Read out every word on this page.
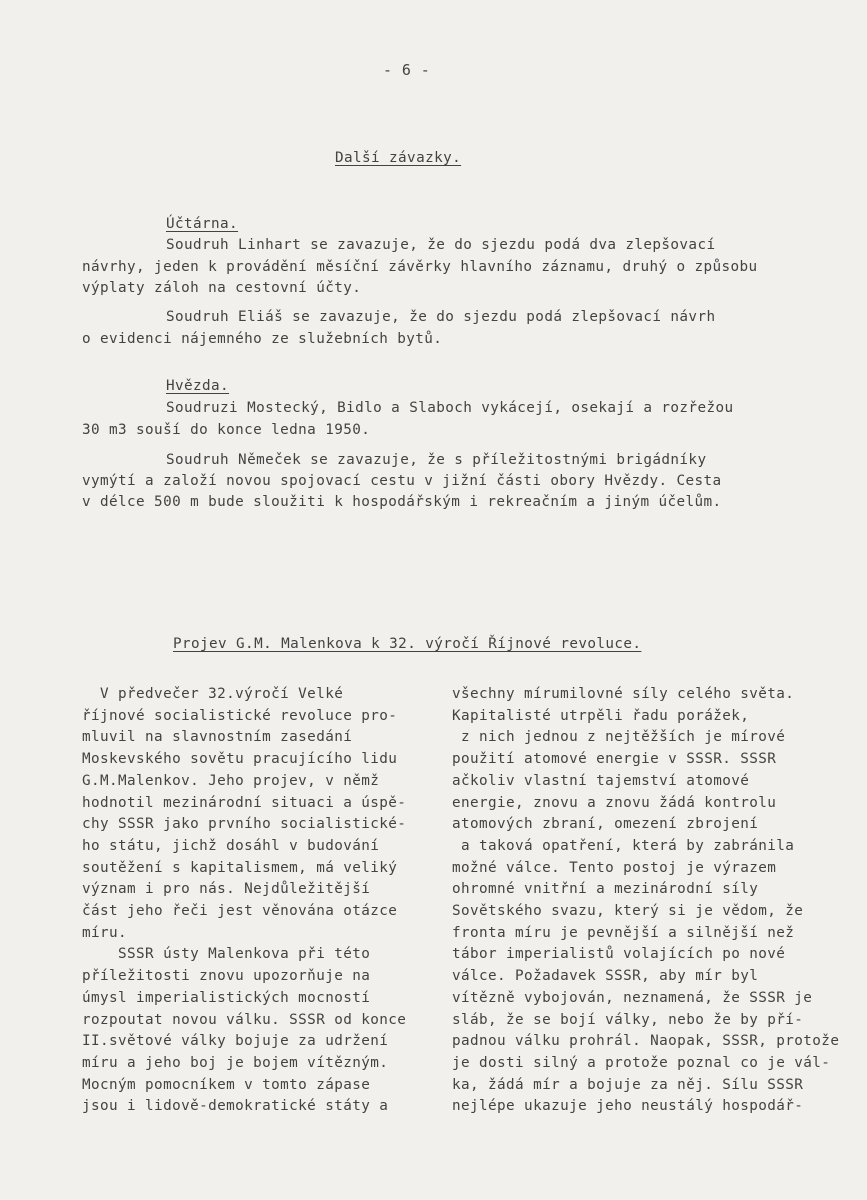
- 6 -
Další závazky.
Účtárna.
Soudruh Linhart se zavazuje, že do sjezdu podá dva zlepšovací
návrhy, jeden k provádění měsíční závěrky hlavního záznamu, druhý o způsobu
výplaty záloh na cestovní účty.
Soudruh Eliáš se zavazuje, že do sjezdu podá zlepšovací návrh
o evidenci nájemného ze služebních bytů.
Hvězda.
Soudruzi Mostecký, Bidlo a Slaboch vykácejí, osekají a rozřežou
30 m3 souší do konce ledna 1950.
Soudruh Němeček se zavazuje, že s příležitostnými brigádníky
vymýtí a založí novou spojovací cestu v jižní části obory Hvězdy. Cesta
v délce 500 m bude sloužiti k hospodářským i rekreačním a jiným účelům.
Projev G.M. Malenkova k 32. výročí Říjnové revoluce.
V předvečer 32.výročí Velké
říjnové socialistické revoluce pro-
mluvil na slavnostním zasedání
Moskevského sovětu pracujícího lidu
G.M.Malenkov. Jeho projev, v němž
hodnotil mezinárodní situaci a úspě-
chy SSSR jako prvního socialistické-
ho státu, jichž dosáhl v budování
soutěžení s kapitalismem, má veliký
význam i pro nás. Nejdůležitější
část jeho řeči jest věnována otázce
míru.
SSSR ústy Malenkova při této
příležitosti znovu upozorňuje na
úmysl imperialistických mocností
rozpoutat novou válku. SSSR od konce
II.světové války bojuje za udržení
míru a jeho boj je bojem vítězným.
Mocným pomocníkem v tomto zápase
jsou i lidově-demokratické státy a
všechny mírumilovné síly celého světa.
Kapitalisté utrpěli řadu porážek,
z nich jednou z nejtěžších je mírové
použití atomové energie v SSSR. SSSR
ačkoliv vlastní tajemství atomové
energie, znovu a znovu žádá kontrolu
atomových zbraní, omezení zbrojení
a taková opatření, která by zabránila
možné válce. Tento postoj je výrazem
ohromné vnitřní a mezinárodní síly
Sovětského svazu, který si je vědom, že
fronta míru je pevnější a silnější než
tábor imperialistů volajících po nové
válce. Požadavek SSSR, aby mír byl
vítězně vybojován, neznamená, že SSSR je
sláb, že se bojí války, nebo že by pří-
padnou válku prohrál. Naopak, SSSR, protože
je dosti silný a protože poznal co je vál-
ka, žádá mír a bojuje za něj. Sílu SSSR
nejlépe ukazuje jeho neustálý hospodář-
